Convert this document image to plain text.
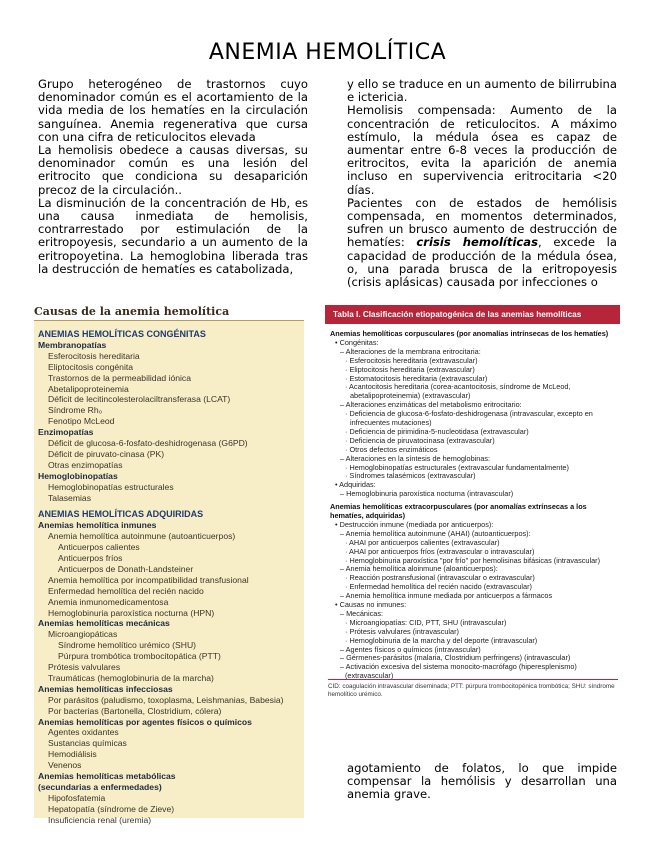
ANEMIA HEMOLÍTICA

Grupo heterogéneo de trastornos cuyo denominador común es el acortamiento de la vida media de los hematíes en la circulación sanguínea. Anemia regenerativa que cursa con una cifra de reticulocitos elevada

La hemolisis obedece a causas diversas, su denominador común es una lesión del eritrocito que condiciona su desaparición precoz de la circulación..

La disminución de la concentración de Hb, es una causa inmediata de hemolisis, contrarrestado por estimulación de la eritropoyesis, secundario a un aumento de la eritropoyetina. La hemoglobina liberada tras la destrucción de hematíes es catabolizada,

y ello se traduce en un aumento de bilirrubina e ictericia.

Hemolisis compensada: Aumento de la concentración de reticulocitos. A máximo estímulo, la médula ósea es capaz de aumentar entre 6-8 veces la producción de eritrocitos, evita la aparición de anemia incluso en supervivencia eritrocitaria <20 días.

Pacientes con de estados de hemólisis compensada, en momentos determinados, sufren un brusco aumento de destrucción de hematíes: crisis hemolíticas, excede la capacidad de producción de la médula ósea, o, una parada brusca de la eritropoyesis (crisis aplásicas) causada por infecciones o

agotamiento de folatos, lo que impide compensar la hemólisis y desarrollan una anemia grave.

Causas de la anemia hemolítica
ANEMIAS HEMOLÍTICAS CONGÉNITAS
Membranopatías
Esferocitosis hereditaria
Eliptocitosis congénita
Trastornos de la permeabilidad iónica
Abetalipoproteinemia
Déficit de lecitincolesterolaciltransferasa (LCAT)
Síndrome Rh₀
Fenotipo McLeod
Enzimopatías
Déficit de glucosa-6-fosfato-deshidrogenasa (G6PD)
Déficit de piruvato-cinasa (PK)
Otras enzimopatías
Hemoglobinopatías
Hemoglobinopatías estructurales
Talasemias
ANEMIAS HEMOLÍTICAS ADQUIRIDAS
Anemias hemolítica inmunes
Anemia hemolítica autoinmune (autoanticuerpos)
Anticuerpos calientes
Anticuerpos fríos
Anticuerpos de Donath-Landsteiner
Anemia hemolítica por incompatibilidad transfusional
Enfermedad hemolítica del recién nacido
Anemia inmunomedicamentosa
Hemoglobinuria paroxística nocturna (HPN)
Anemias hemolíticas mecánicas
Microangiopáticas
Síndrome hemolítico urémico (SHU)
Púrpura trombótica trombocitopática (PTT)
Prótesis valvulares
Traumáticas (hemoglobinuria de la marcha)
Anemias hemolíticas infecciosas
Por parásitos (paludismo, toxoplasma, Leishmanias, Babesia)
Por bacterias (Bartonella, Clostridium, cólera)
Anemias hemolíticas por agentes físicos o químicos
Agentes oxidantes
Sustancias químicas
Hemodiálisis
Venenos
Anemias hemolíticas metabólicas
(secundarias a enfermedades)
Hipofosfatemia
Hepatopatía (síndrome de Zieve)
Insuficiencia renal (uremia)
Tabla I. Clasificación etiopatogénica de las anemias hemolíticas
Anemias hemolíticas corpusculares (por anomalías intrínsecas de los hematíes)
• Congénitas:
– Alteraciones de la membrana eritrocitaria:
· Esferocitosis hereditaria (extravascular)
· Eliptocitosis hereditaria (extravascular)
· Estomatocitosis hereditaria (extravascular)
· Acantocitosis hereditaria (corea-acantocitosis, síndrome de McLeod,
abetalipoproteinemia) (extravascular)
– Alteraciones enzimáticas del metabolismo eritrocitario:
· Deficiencia de glucosa-6-fosfato-deshidrogenasa (intravascular, excepto en
infrecuentes mutaciones)
· Deficiencia de pirimidina-5-nucleotidasa (extravascular)
· Deficiencia de piruvatocinasa (extravascular)
· Otros defectos enzimáticos
– Alteraciones en la síntesis de hemoglobinas:
· Hemoglobinopatías estructurales (extravascular fundamentalmente)
· Síndromes talasémicos (extravascular)
• Adquiridas:
– Hemoglobinuria paroxística nocturna (intravascular)
Anemias hemolíticas extracorpusculares (por anomalías extrínsecas a los
hematíes, adquiridas)
• Destrucción inmune (mediada por anticuerpos):
– Anemia hemolítica autoinmune (AHAI) (autoanticuerpos):
· AHAI por anticuerpos calientes (extravascular)
· AHAI por anticuerpos fríos (extravascular o intravascular)
· Hemoglobinuria paroxística "por frío" por hemolisinas bifásicas (intravascular)
– Anemia hemolítica aloinmune (aloanticuerpos):
· Reacción postransfusional (intravascular o extravascular)
· Enfermedad hemolítica del recién nacido (extravascular)
– Anemia hemolítica inmune mediada por anticuerpos a fármacos
• Causas no inmunes:
– Mecánicas:
· Microangiopatías: CID, PTT, SHU (intravascular)
· Prótesis valvulares (intravascular)
· Hemoglobinuria de la marcha y del deporte (intravascular)
– Agentes físicos o químicos (intravascular)
– Gérmenes-parásitos (malaria, Clostridium perfringens) (intravascular)
– Activación excesiva del sistema monocito-macrófago (hiperesplenismo)
(extravascular)
CID: coagulación intravascular diseminada; PTT: púrpura trombocitopénica trombótica; SHU: síndrome hemolítico urémico.
